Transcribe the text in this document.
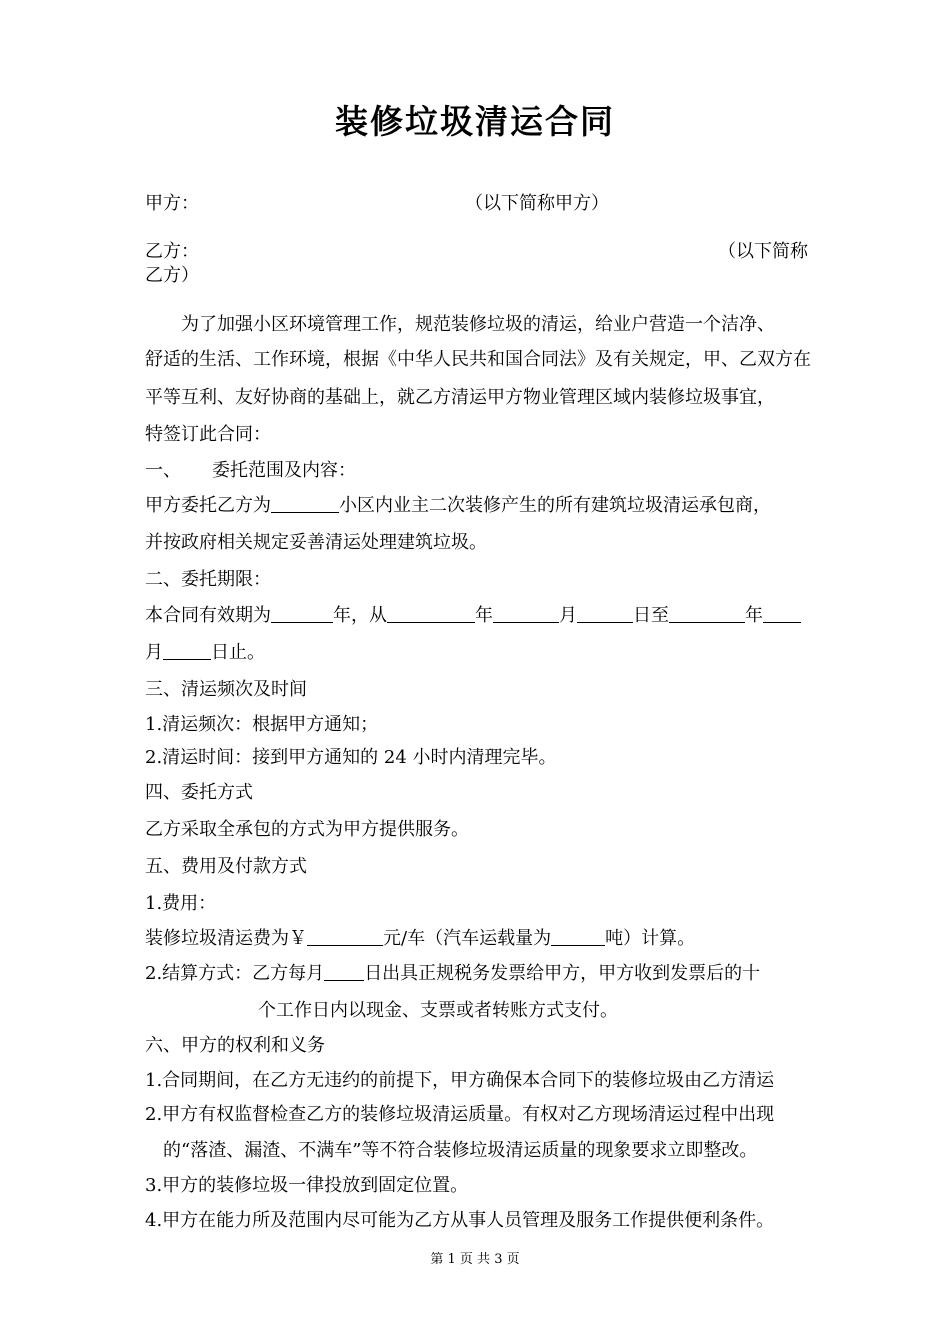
装修垃圾清运合同
甲方：	（以下简称甲方）
乙方：	（以下简称
乙方）
为了加强小区环境管理工作，规范装修垃圾的清运，给业户营造一个洁净、
舒适的生活、工作环境，根据《中华人民共和国合同法》及有关规定，甲、乙双方在
平等互利、友好协商的基础上，就乙方清运甲方物业管理区域内装修垃圾事宜，
特签订此合同：
一、 委托范围及内容：
甲方委托乙方为	小区内业主二次装修产生的所有建筑垃圾清运承包商，
并按政府相关规定妥善清运处理建筑垃圾。
二、委托期限：
本合同有效期为	年，从	年	月	日至	年
月	日止。
三、清运频次及时间
1.清运频次：根据甲方通知；
2.清运时间：接到甲方通知的 24 小时内清理完毕。
四、委托方式
乙方采取全承包的方式为甲方提供服务。
五、费用及付款方式
1.费用：
装修垃圾清运费为￥	元/车（汽车运载量为	吨）计算。
2.结算方式：乙方每月 日出具正规税务发票给甲方，甲方收到发票后的十
个工作日内以现金、支票或者转账方式支付。
六、甲方的权利和义务
1.合同期间，在乙方无违约的前提下，甲方确保本合同下的装修垃圾由乙方清运
2.甲方有权监督检查乙方的装修垃圾清运质量。有权对乙方现场清运过程中出现
的“落渣、漏渣、不满车”等不符合装修垃圾清运质量的现象要求立即整改。
3.甲方的装修垃圾一律投放到固定位置。
4.甲方在能力所及范围内尽可能为乙方从事人员管理及服务工作提供便利条件。
第 1 页 共 3 页
